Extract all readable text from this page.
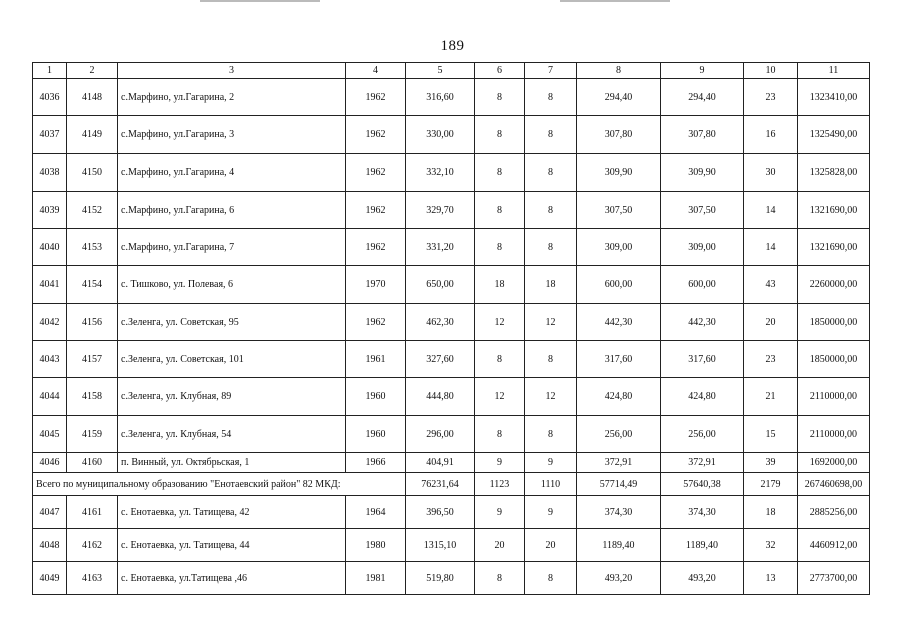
189
1	2	3	4	5	6	7	8	9	10	11
4036	4148	с.Марфино, ул.Гагарина, 2	1962	316,60	8	8	294,40	294,40	23	1323410,00
4037	4149	с.Марфино, ул.Гагарина, 3	1962	330,00	8	8	307,80	307,80	16	1325490,00
4038	4150	с.Марфино, ул.Гагарина, 4	1962	332,10	8	8	309,90	309,90	30	1325828,00
4039	4152	с.Марфино, ул.Гагарина, 6	1962	329,70	8	8	307,50	307,50	14	1321690,00
4040	4153	с.Марфино, ул.Гагарина, 7	1962	331,20	8	8	309,00	309,00	14	1321690,00
4041	4154	с. Тишково, ул. Полевая, 6	1970	650,00	18	18	600,00	600,00	43	2260000,00
4042	4156	с.Зеленга, ул. Советская, 95	1962	462,30	12	12	442,30	442,30	20	1850000,00
4043	4157	с.Зеленга, ул. Советская, 101	1961	327,60	8	8	317,60	317,60	23	1850000,00
4044	4158	с.Зеленга, ул. Клубная, 89	1960	444,80	12	12	424,80	424,80	21	2110000,00
4045	4159	с.Зеленга, ул. Клубная, 54	1960	296,00	8	8	256,00	256,00	15	2110000,00
4046	4160	п. Винный, ул. Октябрьская, 1	1966	404,91	9	9	372,91	372,91	39	1692000,00
Всего по муниципальному образованию "Енотаевский район" 82 МКД:				76231,64	1123	1110	57714,49	57640,38	2179	267460698,00
4047	4161	с. Енотаевка, ул. Татищева, 42	1964	396,50	9	9	374,30	374,30	18	2885256,00
4048	4162	с. Енотаевка, ул. Татищева, 44	1980	1315,10	20	20	1189,40	1189,40	32	4460912,00
4049	4163	с. Енотаевка, ул.Татищева ,46	1981	519,80	8	8	493,20	493,20	13	2773700,00
